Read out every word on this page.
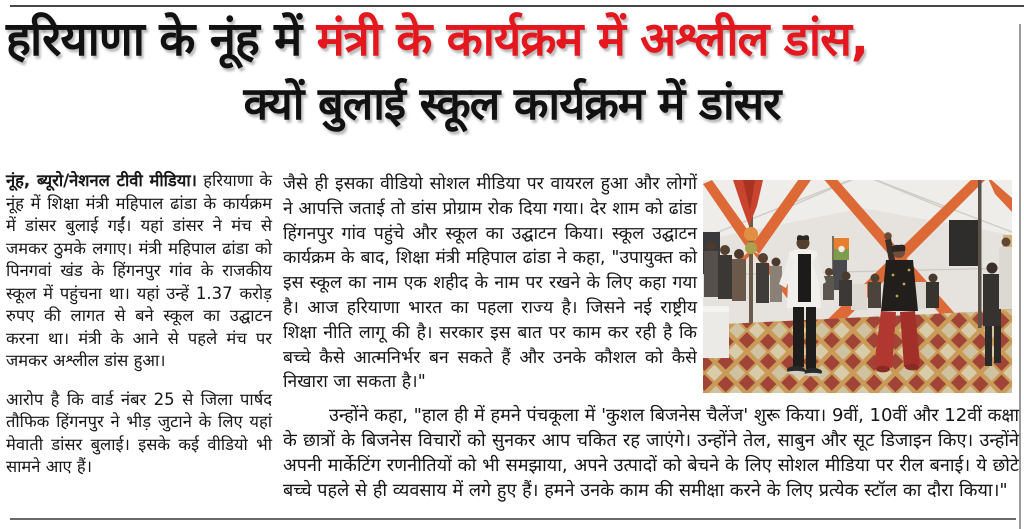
हरियाणा के नूंह में मंत्री के कार्यक्रम में अश्लील डांस,
क्यों बुलाई स्कूल कार्यक्रम में डांसर

नूंह, ब्यूरो/नेशनल टीवी मीडिया। हरियाणा के नूंह में शिक्षा मंत्री महिपाल ढांडा के कार्यक्रम में डांसर बुलाई गईं। यहां डांसर ने मंच से जमकर ठुमके लगाए। मंत्री महिपाल ढांडा को पिनगवां खंड के हिंगनपुर गांव के राजकीय स्कूल में पहुंचना था। यहां उन्हें 1.37 करोड़ रुपए की लागत से बने स्कूल का उद्घाटन करना था। मंत्री के आने से पहले मंच पर जमकर अश्लील डांस हुआ।

आरोप है कि वार्ड नंबर 25 से जिला पार्षद तौफिक हिंगनपुर ने भीड़ जुटाने के लिए यहां मेवाती डांसर बुलाई। इसके कई वीडियो भी सामने आए हैं।

जैसे ही इसका वीडियो सोशल मीडिया पर वायरल हुआ और लोगों ने आपत्ति जताई तो डांस प्रोग्राम रोक दिया गया। देर शाम को ढांडा हिंगनपुर गांव पहुंचे और स्कूल का उद्घाटन किया। स्कूल उद्घाटन कार्यक्रम के बाद, शिक्षा मंत्री महिपाल ढांडा ने कहा, "उपायुक्त को इस स्कूल का नाम एक शहीद के नाम पर रखने के लिए कहा गया है। आज हरियाणा भारत का पहला राज्य है। जिसने नई राष्ट्रीय शिक्षा नीति लागू की है। सरकार इस बात पर काम कर रही है कि बच्चे कैसे आत्मनिर्भर बन सकते हैं और उनके कौशल को कैसे निखारा जा सकता है।"

उन्होंने कहा, "हाल ही में हमने पंचकूला में 'कुशल बिजनेस चैलेंज' शुरू किया। 9वीं, 10वीं और 12वीं कक्षा के छात्रों के बिजनेस विचारों को सुनकर आप चकित रह जाएंगे। उन्होंने तेल, साबुन और सूट डिजाइन किए। उन्होंने अपनी मार्केटिंग रणनीतियों को भी समझाया, अपने उत्पादों को बेचने के लिए सोशल मीडिया पर रील बनाई। ये छोटे बच्चे पहले से ही व्यवसाय में लगे हुए हैं। हमने उनके काम की समीक्षा करने के लिए प्रत्येक स्टॉल का दौरा किया।"
